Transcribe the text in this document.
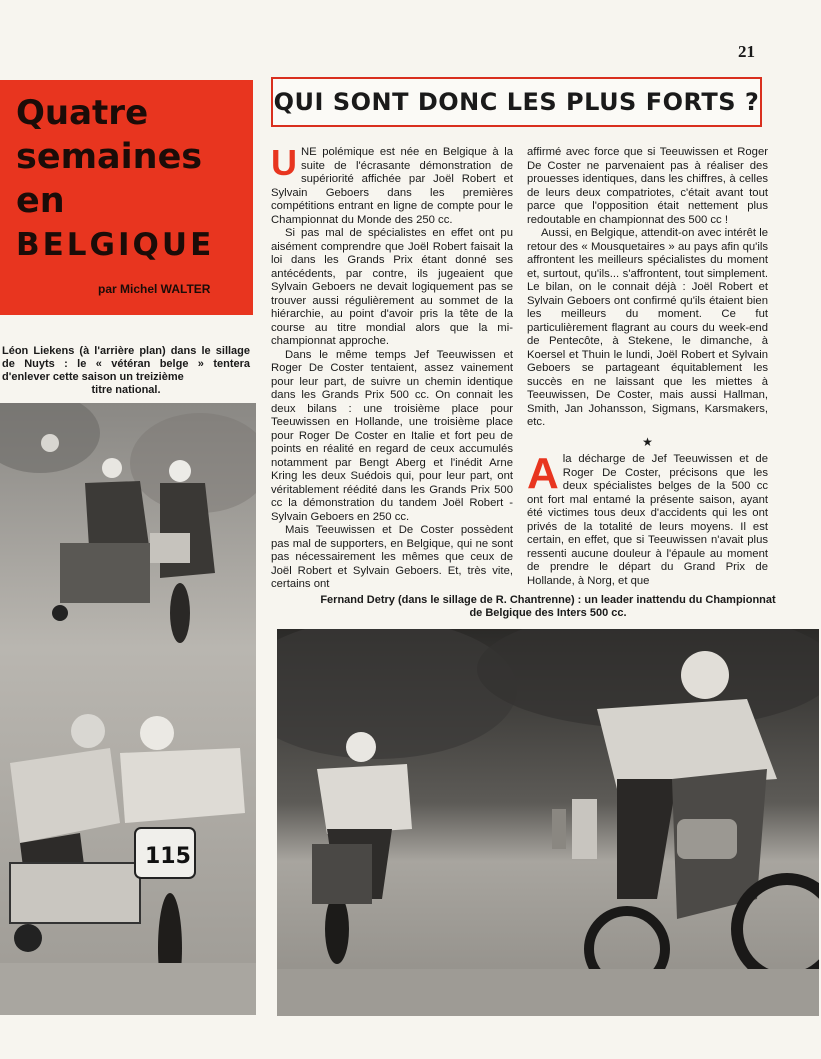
21
Quatre
semaines
en
BELGIQUE
par Michel WALTER
Léon Liekens (à l'arrière plan) dans le sillage de Nuyts : le « vétéran belge » tentera d'enlever cette saison un treizième
titre national.
115
QUI SONT DONC LES PLUS FORTS ?

UNE polémique est née en Belgique à la suite de l'écrasante démonstration de supériorité affichée par Joël Robert et Sylvain Geboers dans les premières compétitions entrant en ligne de compte pour le Championnat du Monde des 250 cc.

Si pas mal de spécialistes en effet ont pu aisément comprendre que Joël Robert faisait la loi dans les Grands Prix étant donné ses antécédents, par contre, ils jugeaient que Sylvain Geboers ne devait logiquement pas se trouver aussi régulièrement au sommet de la hiérarchie, au point d'avoir pris la tête de la course au titre mondial alors que la mi-championnat approche.

Dans le même temps Jef Teeuwissen et Roger De Coster tentaient, assez vainement pour leur part, de suivre un chemin identique dans les Grands Prix 500 cc. On connait les deux bilans : une troisième place pour Teeuwissen en Hollande, une troisième place pour Roger De Coster en Italie et fort peu de points en réalité en regard de ceux accumulés notamment par Bengt Aberg et l'inédit Arne Kring les deux Suédois qui, pour leur part, ont véritablement réédité dans les Grands Prix 500 cc la démonstration du tandem Joël Robert - Sylvain Geboers en 250 cc.

Mais Teeuwissen et De Coster possèdent pas mal de supporters, en Belgique, qui ne sont pas nécessairement les mêmes que ceux de Joël Robert et Sylvain Geboers. Et, très vite, certains ont

affirmé avec force que si Teeuwissen et Roger De Coster ne parvenaient pas à réaliser des prouesses identiques, dans les chiffres, à celles de leurs deux compatriotes, c'était avant tout parce que l'opposition était nettement plus redoutable en championnat des 500 cc !

Aussi, en Belgique, attendit-on avec intérêt le retour des « Mousquetaires » au pays afin qu'ils affrontent les meilleurs spécialistes du moment et, surtout, qu'ils... s'affrontent, tout simplement. Le bilan, on le connait déjà : Joël Robert et Sylvain Geboers ont confirmé qu'ils étaient bien les meilleurs du moment. Ce fut particulièrement flagrant au cours du week-end de Pentecôte, à Stekene, le dimanche, à Koersel et Thuin le lundi, Joël Robert et Sylvain Geboers se partageant équitablement les succès en ne laissant que les miettes à Teeuwissen, De Coster, mais aussi Hallman, Smith, Jan Johansson, Sigmans, Karsmakers, etc.

★

Ala décharge de Jef Teeuwissen et de Roger De Coster, précisons que les deux spécialistes belges de la 500 cc ont fort mal entamé la présente saison, ayant été victimes tous deux d'accidents qui les ont privés de la totalité de leurs moyens. Il est certain, en effet, que si Teeuwissen n'avait plus ressenti aucune douleur à l'épaule au moment de prendre le départ du Grand Prix de Hollande, à Norg, et que

Fernand Detry (dans le sillage de R. Chantrenne) : un leader inattendu du Championnat
de Belgique des Inters 500 cc.
